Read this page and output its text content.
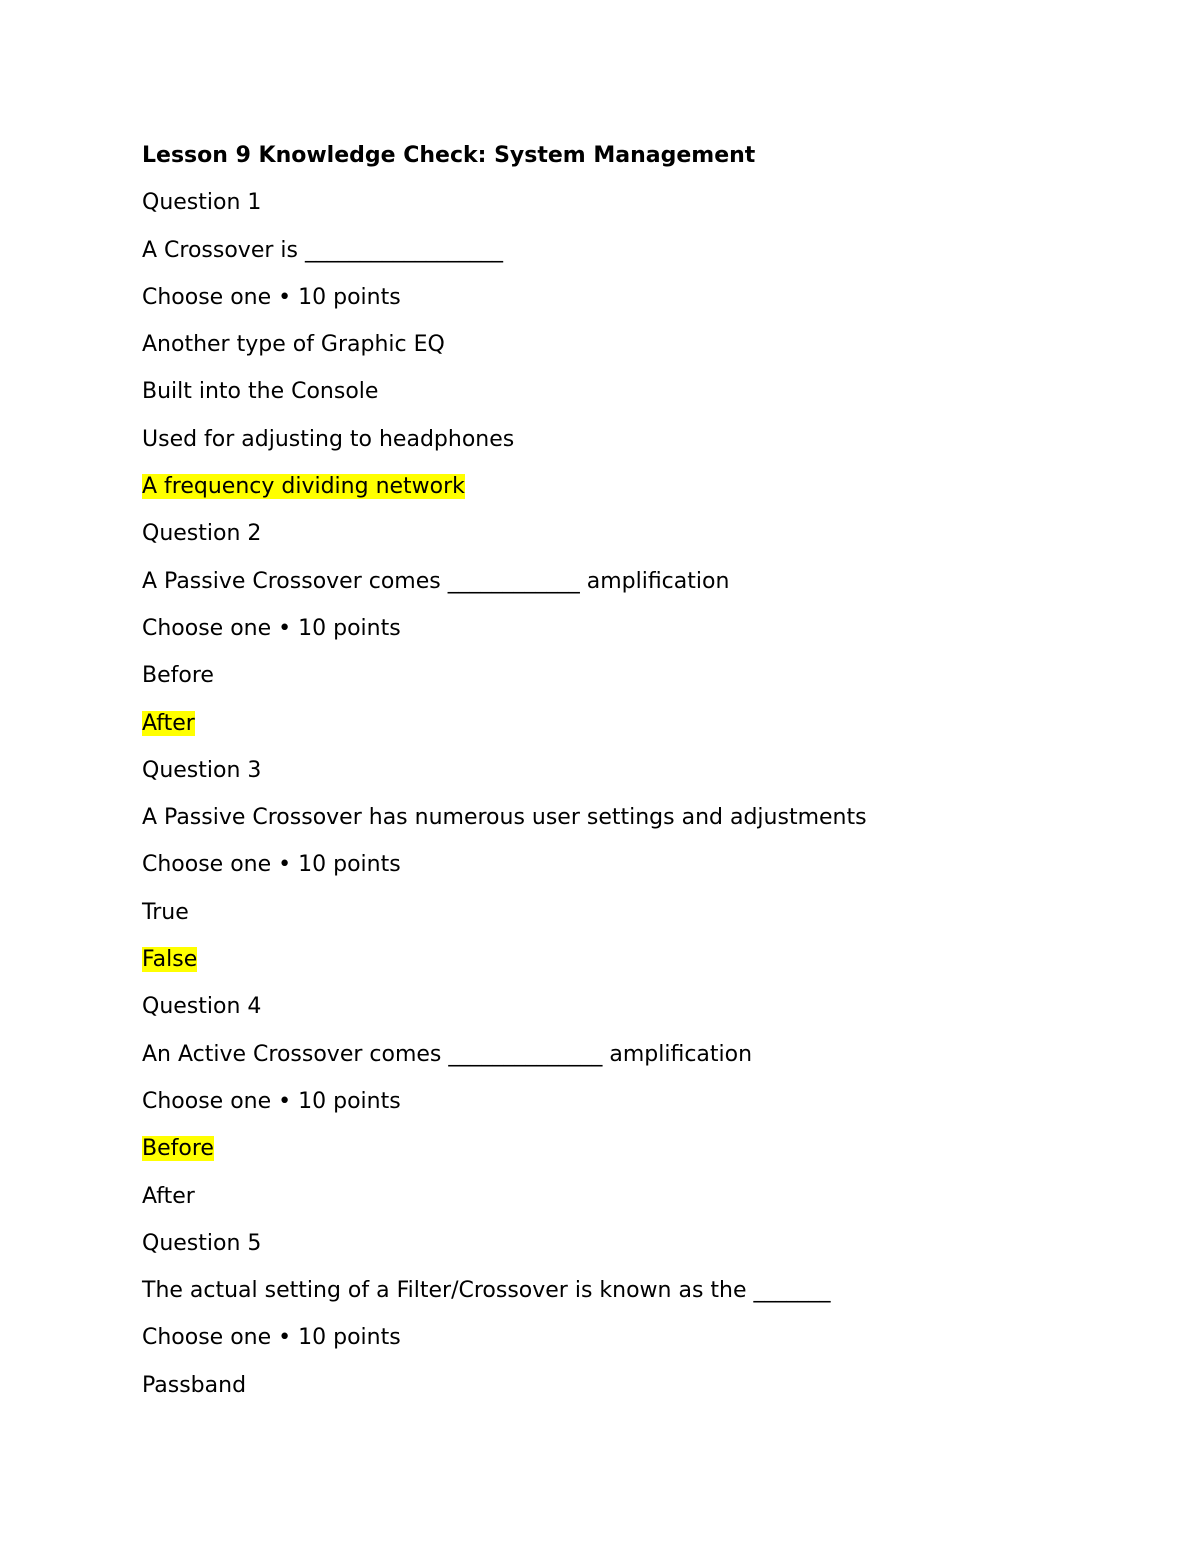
Lesson 9 Knowledge Check: System Management
Question 1
A Crossover is __________________
Choose one • 10 points
Another type of Graphic EQ
Built into the Console
Used for adjusting to headphones
A frequency dividing network
Question 2
A Passive Crossover comes ____________ amplification
Choose one • 10 points
Before
After
Question 3
A Passive Crossover has numerous user settings and adjustments
Choose one • 10 points
True
False
Question 4
An Active Crossover comes ______________ amplification
Choose one • 10 points
Before
After
Question 5
The actual setting of a Filter/Crossover is known as the _______
Choose one • 10 points
Passband
